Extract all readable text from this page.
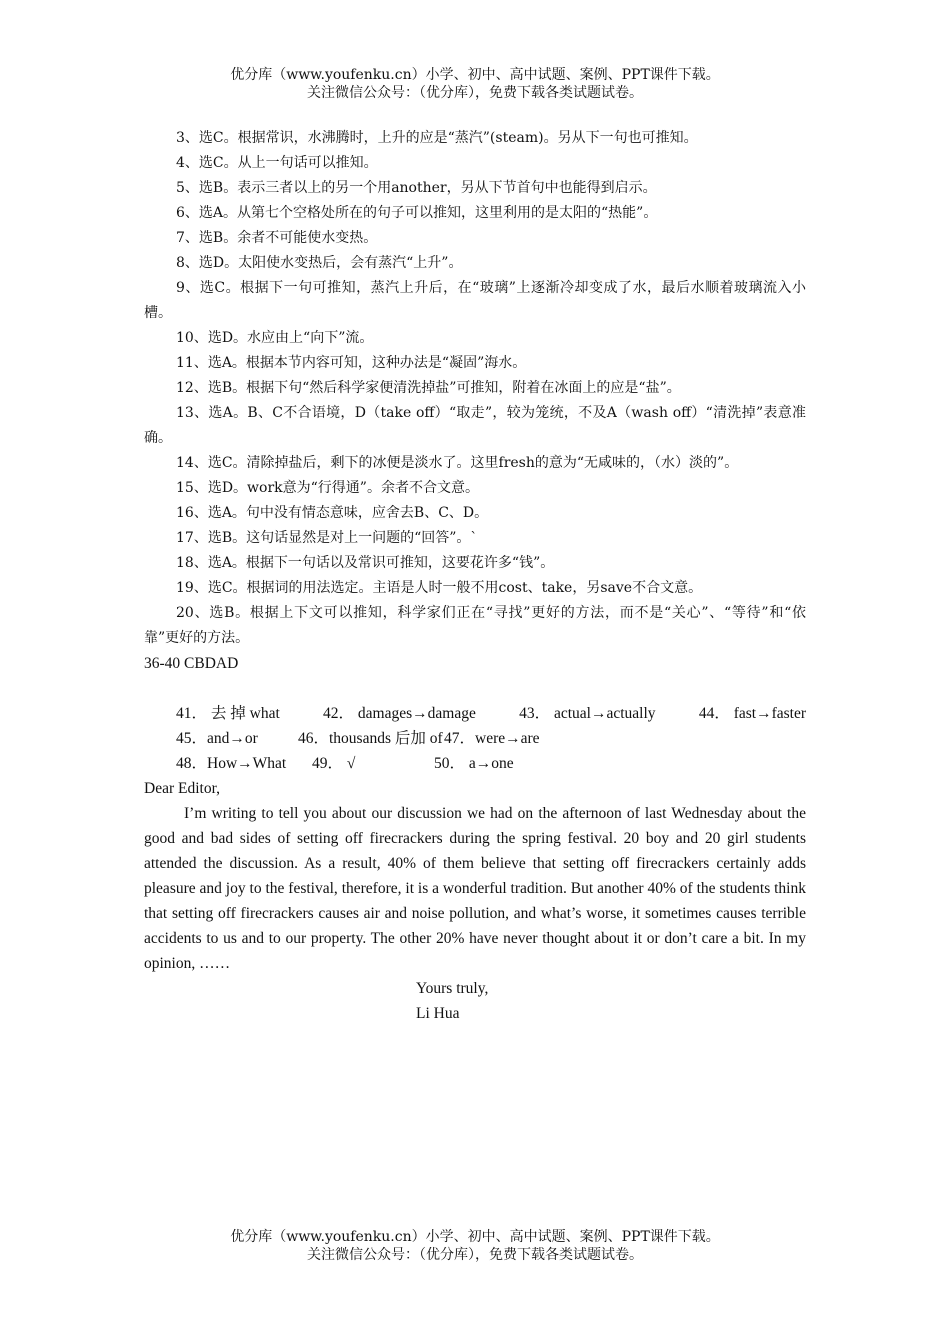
优分库（www.youfenku.cn）小学、初中、高中试题、案例、PPT课件下载。
关注微信公众号：（优分库），免费下载各类试题试卷。
3、选C。根据常识，水沸腾时，上升的应是“蒸汽”(steam)。另从下一句也可推知。
4、选C。从上一句话可以推知。
5、选B。表示三者以上的另一个用another，另从下节首句中也能得到启示。
6、选A。从第七个空格处所在的句子可以推知，这里利用的是太阳的“热能”。
7、选B。余者不可能使水变热。
8、选D。太阳使水变热后，会有蒸汽“上升”。
9、选C。根据下一句可推知，蒸汽上升后，在“玻璃”上逐渐冷却变成了水，最后水顺着玻璃流入小槽。
10、选D。水应由上“向下”流。
11、选A。根据本节内容可知，这种办法是“凝固”海水。
12、选B。根据下句“然后科学家便清洗掉盐”可推知，附着在冰面上的应是“盐”。
13、选A。B、C不合语境，D（take off）“取走”，较为笼统，不及A（wash off）“清洗掉”表意准确。
14、选C。清除掉盐后，剩下的冰便是淡水了。这里fresh的意为“无咸味的，（水）淡的”。
15、选D。work意为“行得通”。余者不合文意。
16、选A。句中没有情态意味，应舍去B、C、D。
17、选B。这句话显然是对上一问题的“回答”。`
18、选A。根据下一句话以及常识可推知，这要花许多“钱”。
19、选C。根据词的用法选定。主语是人时一般不用cost、take，另save不合文意。
20、选B。根据上下文可以推知，科学家们正在“寻找”更好的方法，而不是“关心”、“等待”和“依靠”更好的方法。
36-40 CBDAD
41． 去 掉 what	42． damages→damage	43． actual→actually	44． fast→faster
45．and→or	46．thousands 后加 of 47．were→are
48．How→What	49． √	50． a→one
Dear Editor,
I’m writing to tell you about our discussion we had on the afternoon of last Wednesday about the good and bad sides of setting off firecrackers during the spring festival. 20 boy and 20 girl students attended the discussion. As a result, 40% of them believe that setting off firecrackers certainly adds pleasure and joy to the festival, therefore, it is a wonderful tradition. But another 40% of the students think that setting off firecrackers causes air and noise pollution, and what’s worse, it sometimes causes terrible accidents to us and to our property. The other 20% have never thought about it or don’t care a bit. In my opinion, ……
Yours truly,
Li Hua
优分库（www.youfenku.cn）小学、初中、高中试题、案例、PPT课件下载。
关注微信公众号：（优分库），免费下载各类试题试卷。
